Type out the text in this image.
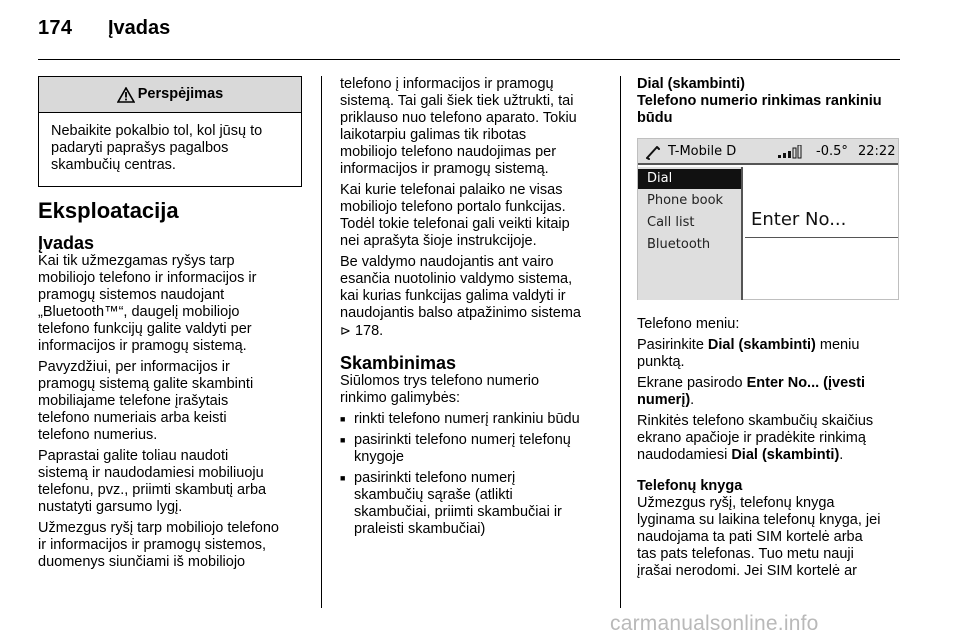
174 Įvadas
Perspėjimas
Nebaikite pokalbio tol, kol jūsų to
padaryti paprašys pagalbos
skambučių centras.
Eksploatacija
Įvadas

Kai tik užmezgamas ryšys tarp
mobiliojo telefono ir informacijos ir
pramogų sistemos naudojant
„Bluetooth™“, daugelį mobiliojo
telefono funkcijų galite valdyti per
informacijos ir pramogų sistemą.

Pavyzdžiui, per informacijos ir
pramogų sistemą galite skambinti
mobiliajame telefone įrašytais
telefono numeriais arba keisti
telefono numerius.

Paprastai galite toliau naudoti
sistemą ir naudodamiesi mobiliuoju
telefonu, pvz., priimti skambutį arba
nustatyti garsumo lygį.

Užmezgus ryšį tarp mobiliojo telefono
ir informacijos ir pramogų sistemos,
duomenys siunčiami iš mobiliojo

telefono į informacijos ir pramogų
sistemą. Tai gali šiek tiek užtrukti, tai
priklauso nuo telefono aparato. Tokiu
laikotarpiu galimas tik ribotas
mobiliojo telefono naudojimas per
informacijos ir pramogų sistemą.

Kai kurie telefonai palaiko ne visas
mobiliojo telefono portalo funkcijas.
Todėl tokie telefonai gali veikti kitaip
nei aprašyta šioje instrukcijoje.

Be valdymo naudojantis ant vairo
esančia nuotolinio valdymo sistema,
kai kurias funkcijas galima valdyti ir
naudojantis balso atpažinimo sistema
⊳ 178.

Skambinimas

Siūlomos trys telefono numerio
rinkimo galimybės:

■ rinkti telefono numerį rankiniu būdu
■ pasirinkti telefono numerį telefonų
knygoje
■ pasirinkti telefono numerį
skambučių sąraše (atlikti
skambučiai, priimti skambučiai ir
praleisti skambučiai)
Dial (skambinti)
Telefono numerio rinkimas rankiniu
būdu
T-Mobile D	-0.5° 22:22
Dial
Phone book
Call list
Bluetooth
Enter No...

Telefono meniu:

Pasirinkite Dial (skambinti) meniu
punktą.

Ekrane pasirodo Enter No... (įvesti
numerį).

Rinkitės telefono skambučių skaičius
ekrano apačioje ir pradėkite rinkimą
naudodamiesi Dial (skambinti).

Telefonų knyga

Užmezgus ryšį, telefonų knyga
lyginama su laikina telefonų knyga, jei
naudojama ta pati SIM kortelė arba
tas pats telefonas. Tuo metu nauji
įrašai nerodomi. Jei SIM kortelė ar

carmanualsonline.info
